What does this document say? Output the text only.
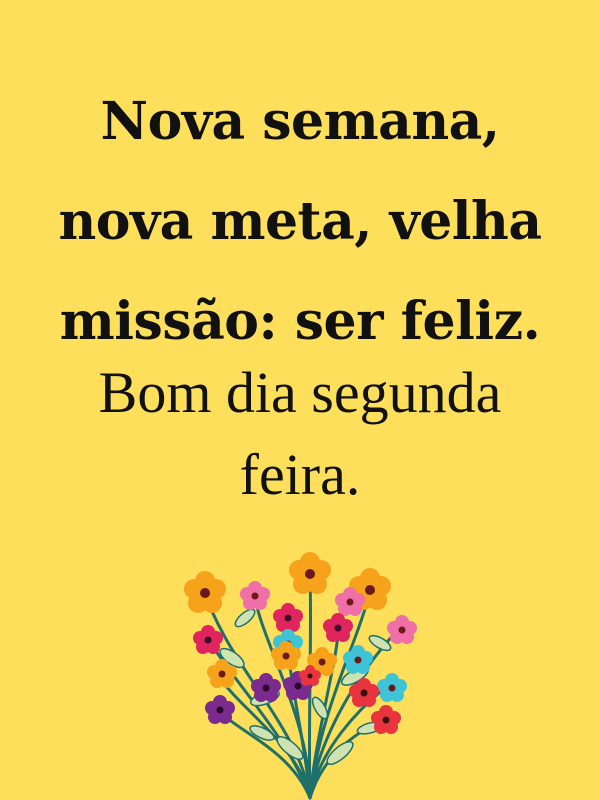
Nova semana,
nova meta, velha
missão: ser feliz.

Bom dia segunda
feira.
